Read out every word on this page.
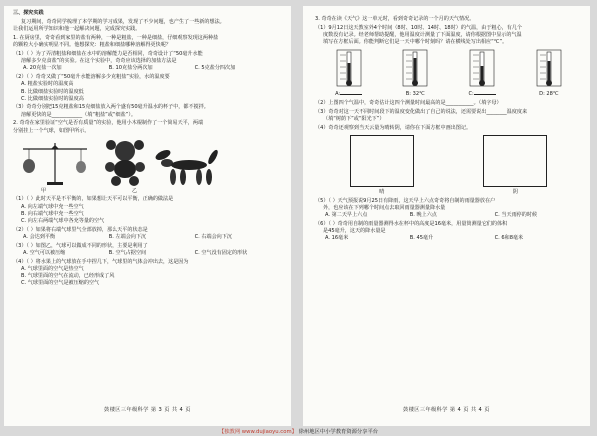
三、探究实践

复习期间，奇奇同学梳理了本学期的学习成果，发现了不少问题，也产生了一些新的想法。

让我们运用所学知识和他一起解决问题，完成探究实践。

1. 在厨房里，奇奇看到家里的盐有两种，一种是粗盐，一种是细盐，仔细观察发现这两种盐

的颗粒大小确实明显不同。他想探究：粗盐和细盐哪种溶解得更快呢？

（1）（ ）为了弄清粗盐和细盐在水中的溶解能力是否相同，奇奇设计了“50毫升水能

溶解多少克食盐”的实验。在这个实验中，奇奇应该选择的加盐方法是

A. 20克盐一次加	B. 10克盐分两次加	C. 5克盐分四次加

（2）（ ）奇奇又做了“50毫升水能溶解多少克粗盐”实验，水的温度要

A. 粗盐实验时的温度高

B. 比做细盐实验时的温度低

C. 比做细盐实验时的温度高

（3）奇奇分别把15克粗盐和15克细盐放入两个盛有50毫升温水的杯子中，都不搅拌。

溶解更快的是____________（填“粗盐”或“细盐”）。

2. 奇奇在家里验证“空气是否有质量”的实验，他用小木棍制作了一个简易天平，两端

分别挂上一个气球，如图甲所示。

甲	乙

（1）（ ）此时天平是不平衡的，如果想让天平可以平衡，正确的做法是

A. 向左端气球中充一些空气

B. 向右端气球中充一些空气

C. 向左右两端气球中各充等量的空气

（2）（ ）如果将右端气球里气全部放掉，那么天平的状态是

A. 会达到平衡	B. 左端会向下沉	C. 右端会向下沉

（3）（ ）如图乙，气球可以做成不同的形状，主要是利用了

A. 空气可以被压缩	B. 空气占据空间	C. 空气没有固定的形状

（4）（ ）将水果上的气球放在手中捏几下，气球里的气体会冲出去，这是因为

A. 气球里面的空气是热空气

B. 气球里面的空气在流动，已经形成了风

C. 气球里面的空气是被压缩的空气

鼓楼区三年级科学 第 3 页 共 4 页

3. 奇奇在读《天气》这一单元时，看到奇奇记录的一个月的天气情况。

（1）9月12日这天教室外4个时间（8时、10时、14时、18时）的气温，由于粗心，有几个

度数没有记录。经老师帮助提醒，他用温度计测量了下面温度，请你根据图中显示的气温

填写在方框后面。你能判断它们是一天中哪个时刻吗？请在横线处写出相应“℃”。

A:	B: 32℃	C:	D: 28℃

（2）上图四个气温中，奇奇估计这四个测量时间最高的是___________。（填字母）

（3）奇奇对这一天不同时间段下的温度变化做出了自己的说法，还需要说出________温度度来

（填“树荫下”或“阳光下”）

（4）奇奇还观察到当天云量为晴转阴，请你在下面方框中画出图记。

晴	阴

（5）（ ）天气预报说9月25日有降雨，这天早上六点奇奇将自制的雨量器放在户

外，也应该在下列哪个时间点去取回雨量器测量降水量

A. 第二天早上六点	B. 晚上六点	C. 当天雨停的时候

（6）（ ）奇奇用自制的雨量器测得水在杯中的高度是16毫米，用量筒测量它们的体积

是45毫升，这天的降水量是

A. 16毫米	B. 45毫升	C. 6和8毫米
鼓楼区三年级科学 第 4 页 共 4 页
【独教网 www.dujiaoyu.com】 徐州地区中小学教育资源分享平台
